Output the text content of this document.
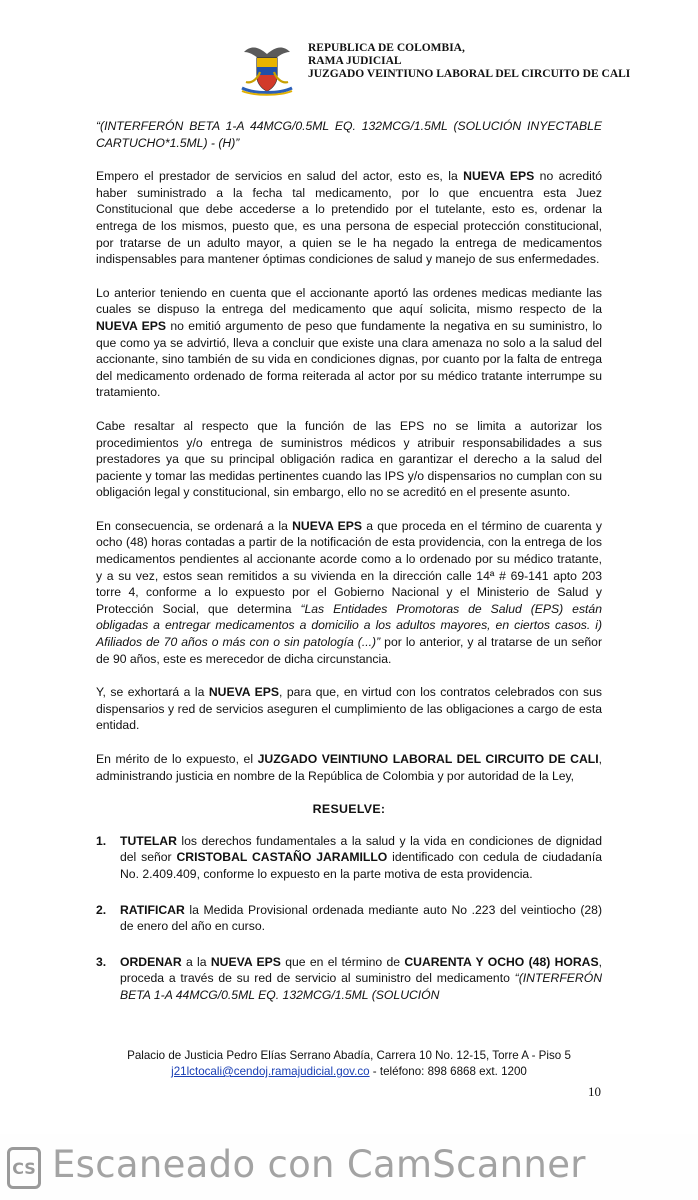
REPUBLICA DE COLOMBIA,
RAMA JUDICIAL
JUZGADO VEINTIUNO LABORAL DEL CIRCUITO DE CALI

“(INTERFERÓN BETA 1-A 44MCG/0.5ML EQ. 132MCG/1.5ML (SOLUCIÓN INYECTABLE CARTUCHO*1.5ML) - (H)”

Empero el prestador de servicios en salud del actor, esto es, la NUEVA EPS no acreditó haber suministrado a la fecha tal medicamento, por lo que encuentra esta Juez Constitucional que debe accederse a lo pretendido por el tutelante, esto es, ordenar la entrega de los mismos, puesto que, es una persona de especial protección constitucional, por tratarse de un adulto mayor, a quien se le ha negado la entrega de medicamentos indispensables para mantener óptimas condiciones de salud y manejo de sus enfermedades.

Lo anterior teniendo en cuenta que el accionante aportó las ordenes medicas mediante las cuales se dispuso la entrega del medicamento que aquí solicita, mismo respecto de la NUEVA EPS no emitió argumento de peso que fundamente la negativa en su suministro, lo que como ya se advirtió, lleva a concluir que existe una clara amenaza no solo a la salud del accionante, sino también de su vida en condiciones dignas, por cuanto por la falta de entrega del medicamento ordenado de forma reiterada al actor por su médico tratante interrumpe su tratamiento.

Cabe resaltar al respecto que la función de las EPS no se limita a autorizar los procedimientos y/o entrega de suministros médicos y atribuir responsabilidades a sus prestadores ya que su principal obligación radica en garantizar el derecho a la salud del paciente y tomar las medidas pertinentes cuando las IPS y/o dispensarios no cumplan con su obligación legal y constitucional, sin embargo, ello no se acreditó en el presente asunto.

En consecuencia, se ordenará a la NUEVA EPS a que proceda en el término de cuarenta y ocho (48) horas contadas a partir de la notificación de esta providencia, con la entrega de los medicamentos pendientes al accionante acorde como a lo ordenado por su médico tratante, y a su vez, estos sean remitidos a su vivienda en la dirección calle 14ª # 69-141 apto 203 torre 4, conforme a lo expuesto por el Gobierno Nacional y el Ministerio de Salud y Protección Social, que determina “Las Entidades Promotoras de Salud (EPS) están obligadas a entregar medicamentos a domicilio a los adultos mayores, en ciertos casos. i) Afiliados de 70 años o más con o sin patología (...)” por lo anterior, y al tratarse de un señor de 90 años, este es merecedor de dicha circunstancia.

Y, se exhortará a la NUEVA EPS, para que, en virtud con los contratos celebrados con sus dispensarios y red de servicios aseguren el cumplimiento de las obligaciones a cargo de esta entidad.

En mérito de lo expuesto, el JUZGADO VEINTIUNO LABORAL DEL CIRCUITO DE CALI, administrando justicia en nombre de la República de Colombia y por autoridad de la Ley,

RESUELVE:
1. TUTELAR los derechos fundamentales a la salud y la vida en condiciones de dignidad del señor CRISTOBAL CASTAÑO JARAMILLO identificado con cedula de ciudadanía No. 2.409.409, conforme lo expuesto en la parte motiva de esta providencia.
2. RATIFICAR la Medida Provisional ordenada mediante auto No .223 del veintiocho (28) de enero del año en curso.
3. ORDENAR a la NUEVA EPS que en el término de CUARENTA Y OCHO (48) HORAS, proceda a través de su red de servicio al suministro del medicamento “(INTERFERÓN BETA 1-A 44MCG/0.5ML EQ. 132MCG/1.5ML (SOLUCIÓN
Palacio de Justicia Pedro Elías Serrano Abadía, Carrera 10 No. 12-15, Torre A - Piso 5
j21lctocali@cendoj.ramajudicial.gov.co - teléfono: 898 6868 ext. 1200
10
CS Escaneado con CamScanner
